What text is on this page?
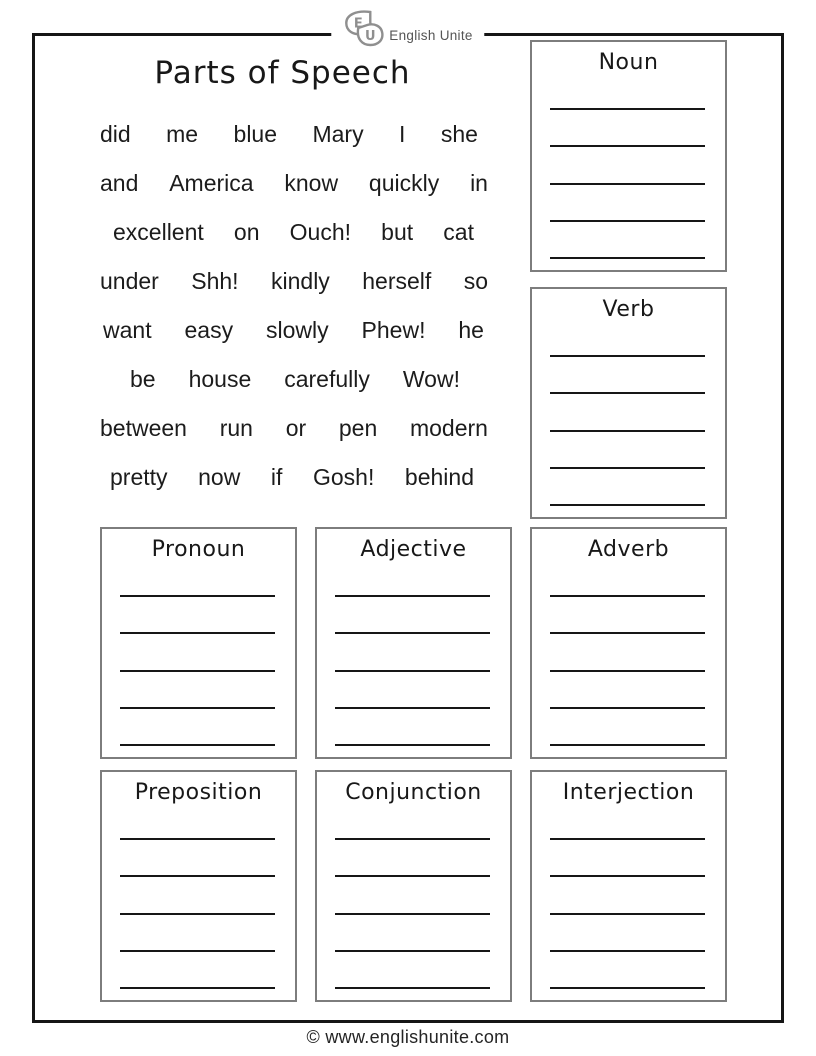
E
U English Unite
Parts of Speech
did me blue Mary I she
and America know quickly in
excellent on Ouch! but cat
under Shh! kindly herself so
want easy slowly Phew! he
be house carefully Wow!
between run or pen modern
pretty now if Gosh! behind
Noun
Verb
Pronoun	Adjective	Adverb
Preposition	Conjunction	Interjection
© www.englishunite.com
